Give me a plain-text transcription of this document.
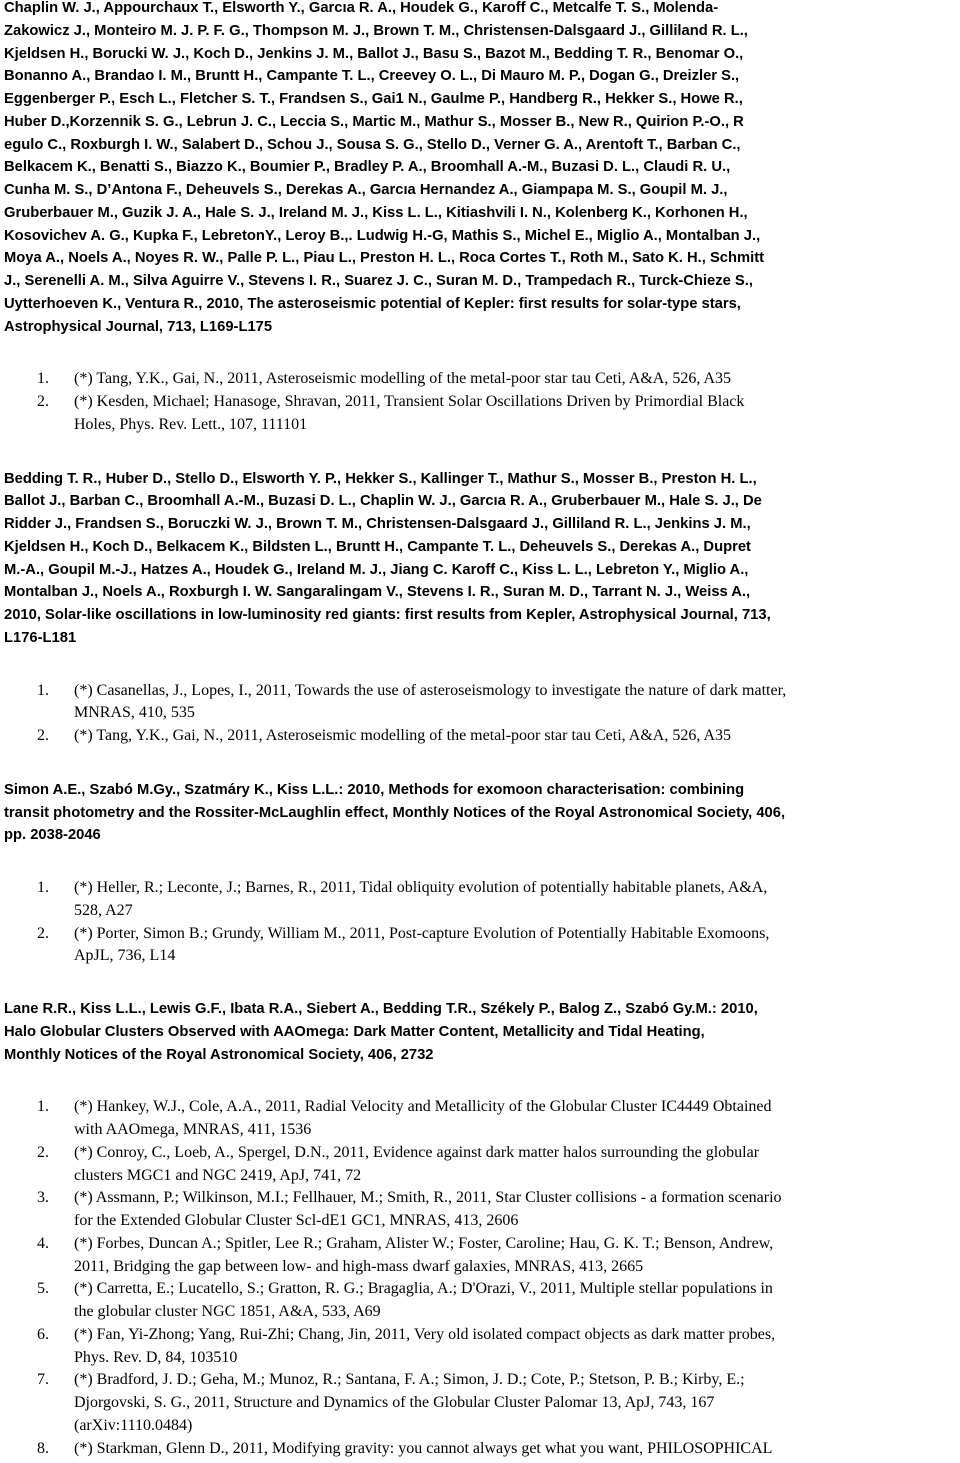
Chaplin W. J., Appourchaux T., Elsworth Y., Garcıa R. A., Houdek G., Karoff C., Metcalfe T. S., Molenda-
Zakowicz J., Monteiro M. J. P. F. G., Thompson M. J., Brown T. M., Christensen-Dalsgaard J., Gilliland R. L.,
Kjeldsen H., Borucki W. J., Koch D., Jenkins J. M., Ballot J., Basu S., Bazot M., Bedding T. R., Benomar O.,
Bonanno A., Brandao I. M., Bruntt H., Campante T. L., Creevey O. L., Di Mauro M. P., Dogan G., Dreizler S.,
Eggenberger P., Esch L., Fletcher S. T., Frandsen S., Gai1 N., Gaulme P., Handberg R., Hekker S., Howe R.,
Huber D.,Korzennik S. G., Lebrun J. C., Leccia S., Martic M., Mathur S., Mosser B., New R., Quirion P.-O., R
egulo C., Roxburgh I. W., Salabert D., Schou J., Sousa S. G., Stello D., Verner G. A., Arentoft T., Barban C.,
Belkacem K., Benatti S., Biazzo K., Boumier P., Bradley P. A., Broomhall A.-M., Buzasi D. L., Claudi R. U.,
Cunha M. S., D’Antona F., Deheuvels S., Derekas A., Garcıa Hernandez A., Giampapa M. S., Goupil M. J.,
Gruberbauer M., Guzik J. A., Hale S. J., Ireland M. J., Kiss L. L., Kitiashvili I. N., Kolenberg K., Korhonen H.,
Kosovichev A. G., Kupka F., LebretonY., Leroy B.,. Ludwig H.-G, Mathis S., Michel E., Miglio A., Montalban J.,
Moya A., Noels A., Noyes R. W., Palle P. L., Piau L., Preston H. L., Roca Cortes T., Roth M., Sato K. H., Schmitt
J., Serenelli A. M., Silva Aguirre V., Stevens I. R., Suarez J. C., Suran M. D., Trampedach R., Turck-Chieze S.,
Uytterhoeven K., Ventura R., 2010, The asteroseismic potential of Kepler: first results for solar-type stars,
Astrophysical Journal, 713, L169-L175

1.	(*) Tang, Y.K., Gai, N., 2011, Asteroseismic modelling of the metal-poor star tau Ceti, A&A, 526, A35
2.	(*) Kesden, Michael; Hanasoge, Shravan, 2011, Transient Solar Oscillations Driven by Primordial Black
Holes, Phys. Rev. Lett., 107, 111101

Bedding T. R., Huber D., Stello D., Elsworth Y. P., Hekker S., Kallinger T., Mathur S., Mosser B., Preston H. L.,
Ballot J., Barban C., Broomhall A.-M., Buzasi D. L., Chaplin W. J., Garcıa R. A., Gruberbauer M., Hale S. J., De
Ridder J., Frandsen S., Boruczki W. J., Brown T. M., Christensen-Dalsgaard J., Gilliland R. L., Jenkins J. M.,
Kjeldsen H., Koch D., Belkacem K., Bildsten L., Bruntt H., Campante T. L., Deheuvels S., Derekas A., Dupret
M.-A., Goupil M.-J., Hatzes A., Houdek G., Ireland M. J., Jiang C. Karoff C., Kiss L. L., Lebreton Y., Miglio A.,
Montalban J., Noels A., Roxburgh I. W. Sangaralingam V., Stevens I. R., Suran M. D., Tarrant N. J., Weiss A.,
2010, Solar-like oscillations in low-luminosity red giants: first results from Kepler, Astrophysical Journal, 713,
L176-L181

1.	(*) Casanellas, J., Lopes, I., 2011, Towards the use of asteroseismology to investigate the nature of dark matter,
MNRAS, 410, 535
2.	(*) Tang, Y.K., Gai, N., 2011, Asteroseismic modelling of the metal-poor star tau Ceti, A&A, 526, A35

Simon A.E., Szabó M.Gy., Szatmáry K., Kiss L.L.: 2010, Methods for exomoon characterisation: combining
transit photometry and the Rossiter-McLaughlin effect, Monthly Notices of the Royal Astronomical Society, 406,
pp. 2038-2046

1.	(*) Heller, R.; Leconte, J.; Barnes, R., 2011, Tidal obliquity evolution of potentially habitable planets, A&A,
528, A27
2.	(*) Porter, Simon B.; Grundy, William M., 2011, Post-capture Evolution of Potentially Habitable Exomoons,
ApJL, 736, L14

Lane R.R., Kiss L.L., Lewis G.F., Ibata R.A., Siebert A., Bedding T.R., Székely P., Balog Z., Szabó Gy.M.: 2010,
Halo Globular Clusters Observed with AAOmega: Dark Matter Content, Metallicity and Tidal Heating,
Monthly Notices of the Royal Astronomical Society, 406, 2732

1.	(*) Hankey, W.J., Cole, A.A., 2011, Radial Velocity and Metallicity of the Globular Cluster IC4449 Obtained
with AAOmega, MNRAS, 411, 1536
2.	(*) Conroy, C., Loeb, A., Spergel, D.N., 2011, Evidence against dark matter halos surrounding the globular
clusters MGC1 and NGC 2419, ApJ, 741, 72
3.	(*) Assmann, P.; Wilkinson, M.I.; Fellhauer, M.; Smith, R., 2011, Star Cluster collisions - a formation scenario
for the Extended Globular Cluster Scl-dE1 GC1, MNRAS, 413, 2606
4.	(*) Forbes, Duncan A.; Spitler, Lee R.; Graham, Alister W.; Foster, Caroline; Hau, G. K. T.; Benson, Andrew,
2011, Bridging the gap between low- and high-mass dwarf galaxies, MNRAS, 413, 2665
5.	(*) Carretta, E.; Lucatello, S.; Gratton, R. G.; Bragaglia, A.; D'Orazi, V., 2011, Multiple stellar populations in
the globular cluster NGC 1851, A&A, 533, A69
6.	(*) Fan, Yi-Zhong; Yang, Rui-Zhi; Chang, Jin, 2011, Very old isolated compact objects as dark matter probes,
Phys. Rev. D, 84, 103510
7.	(*) Bradford, J. D.; Geha, M.; Munoz, R.; Santana, F. A.; Simon, J. D.; Cote, P.; Stetson, P. B.; Kirby, E.;
Djorgovski, S. G., 2011, Structure and Dynamics of the Globular Cluster Palomar 13, ApJ, 743, 167
(arXiv:1110.0484)
8.	(*) Starkman, Glenn D., 2011, Modifying gravity: you cannot always get what you want, PHILOSOPHICAL
